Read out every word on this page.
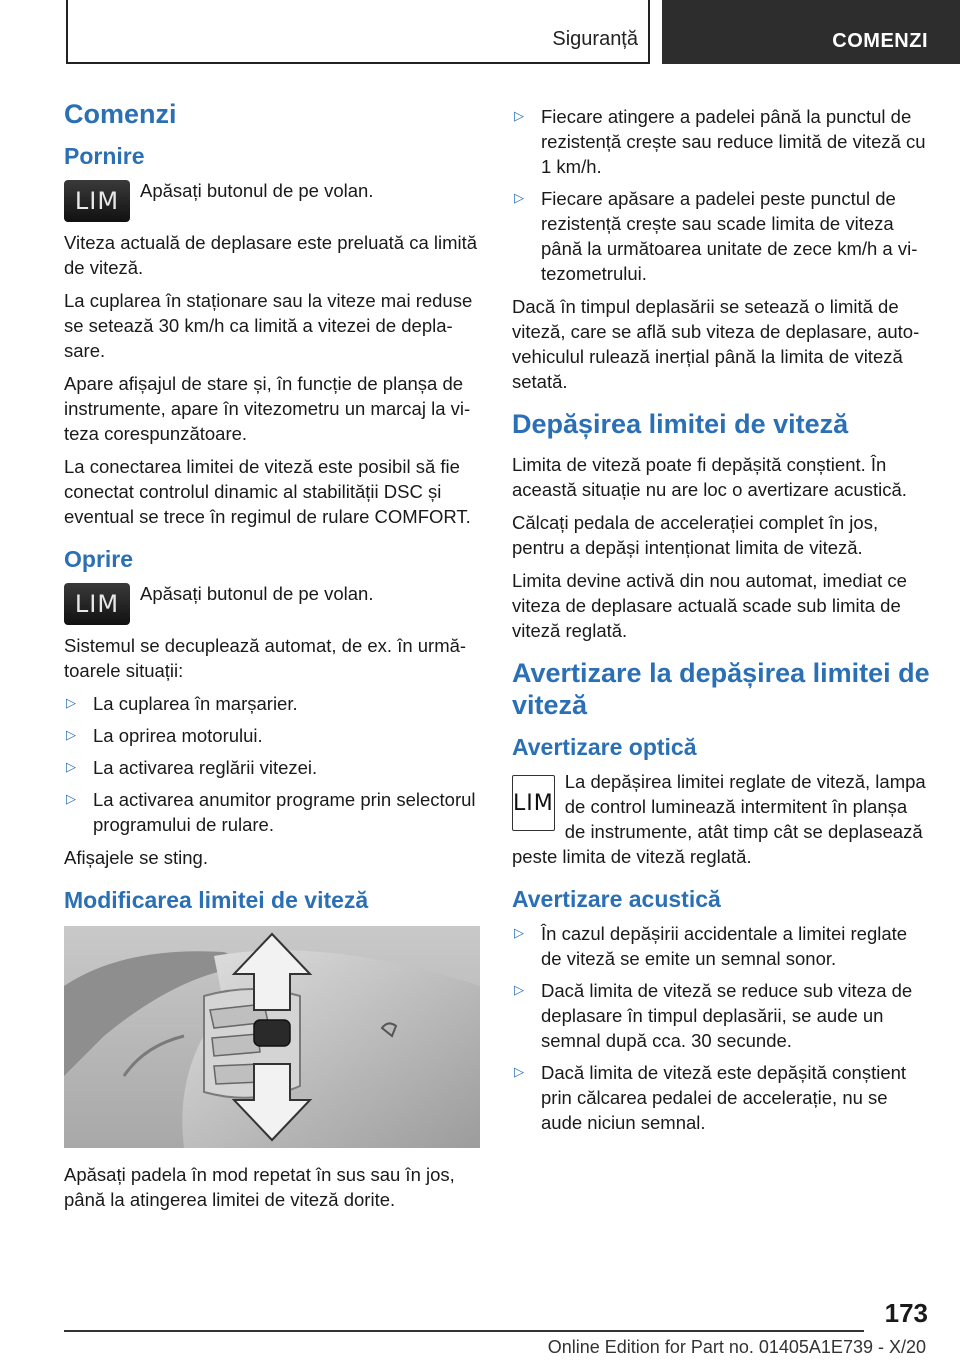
Siguranță	COMENZI
Comenzi
Pornire
LIM	Apăsați butonul de pe volan.

Viteza actuală de deplasare este preluată ca limită de viteză.

La cuplarea în staționare sau la viteze mai reduse se setează 30 km/h ca limită a vitezei de deplasare.

Apare afișajul de stare și, în funcție de planșa de instrumente, apare în vitezometru un marcaj la viteza corespunzătoare.

La conectarea limitei de viteză este posibil să fie conectat controlul dinamic al stabilității DSC și eventual se trece în regimul de rulare COMFORT.

Oprire
LIM	Apăsați butonul de pe volan.

Sistemul se decuplează automat, de ex. în următoarele situații:

▷ La cuplarea în marșarier.
▷ La oprirea motorului.
▷ La activarea reglării vitezei.
▷ La activarea anumitor programe prin selectorul programului de rulare.

Afișajele se sting.

Modificarea limitei de viteză

Apăsați padela în mod repetat în sus sau în jos, până la atingerea limitei de viteză dorite.

▷ Fiecare atingere a padelei până la punctul de rezistență crește sau reduce limită de viteză cu 1 km/h.
▷ Fiecare apăsare a padelei peste punctul de rezistență crește sau scade limita de viteza până la următoarea unitate de zece km/h a vitezometrului.

Dacă în timpul deplasării se setează o limită de viteză, care se află sub viteza de deplasare, autovehiculul rulează inerțial până la limita de viteză setată.

Depășirea limitei de viteză

Limita de viteză poate fi depășită conștient. În această situație nu are loc o avertizare acustică.

Călcați pedala de accelerației complet în jos, pentru a depăși intenționat limita de viteză.

Limita devine activă din nou automat, imediat ce viteza de deplasare actuală scade sub limita de viteză reglată.

Avertizare la depășirea limitei de viteză
Avertizare optică
LIM

La depășirea limitei reglate de viteză, lampa de control luminează intermitent în planșa de instrumente, atât timp cât se deplasează peste limita de viteză reglată.

Avertizare acustică
▷ În cazul depășirii accidentale a limitei reglate de viteză se emite un semnal sonor.
▷ Dacă limita de viteză se reduce sub viteza de deplasare în timpul deplasării, se aude un semnal după cca. 30 secunde.
▷ Dacă limita de viteză este depășită conștient prin călcarea pedalei de accelerație, nu se aude niciun semnal.
173
Online Edition for Part no. 01405A1E739 - X/20
